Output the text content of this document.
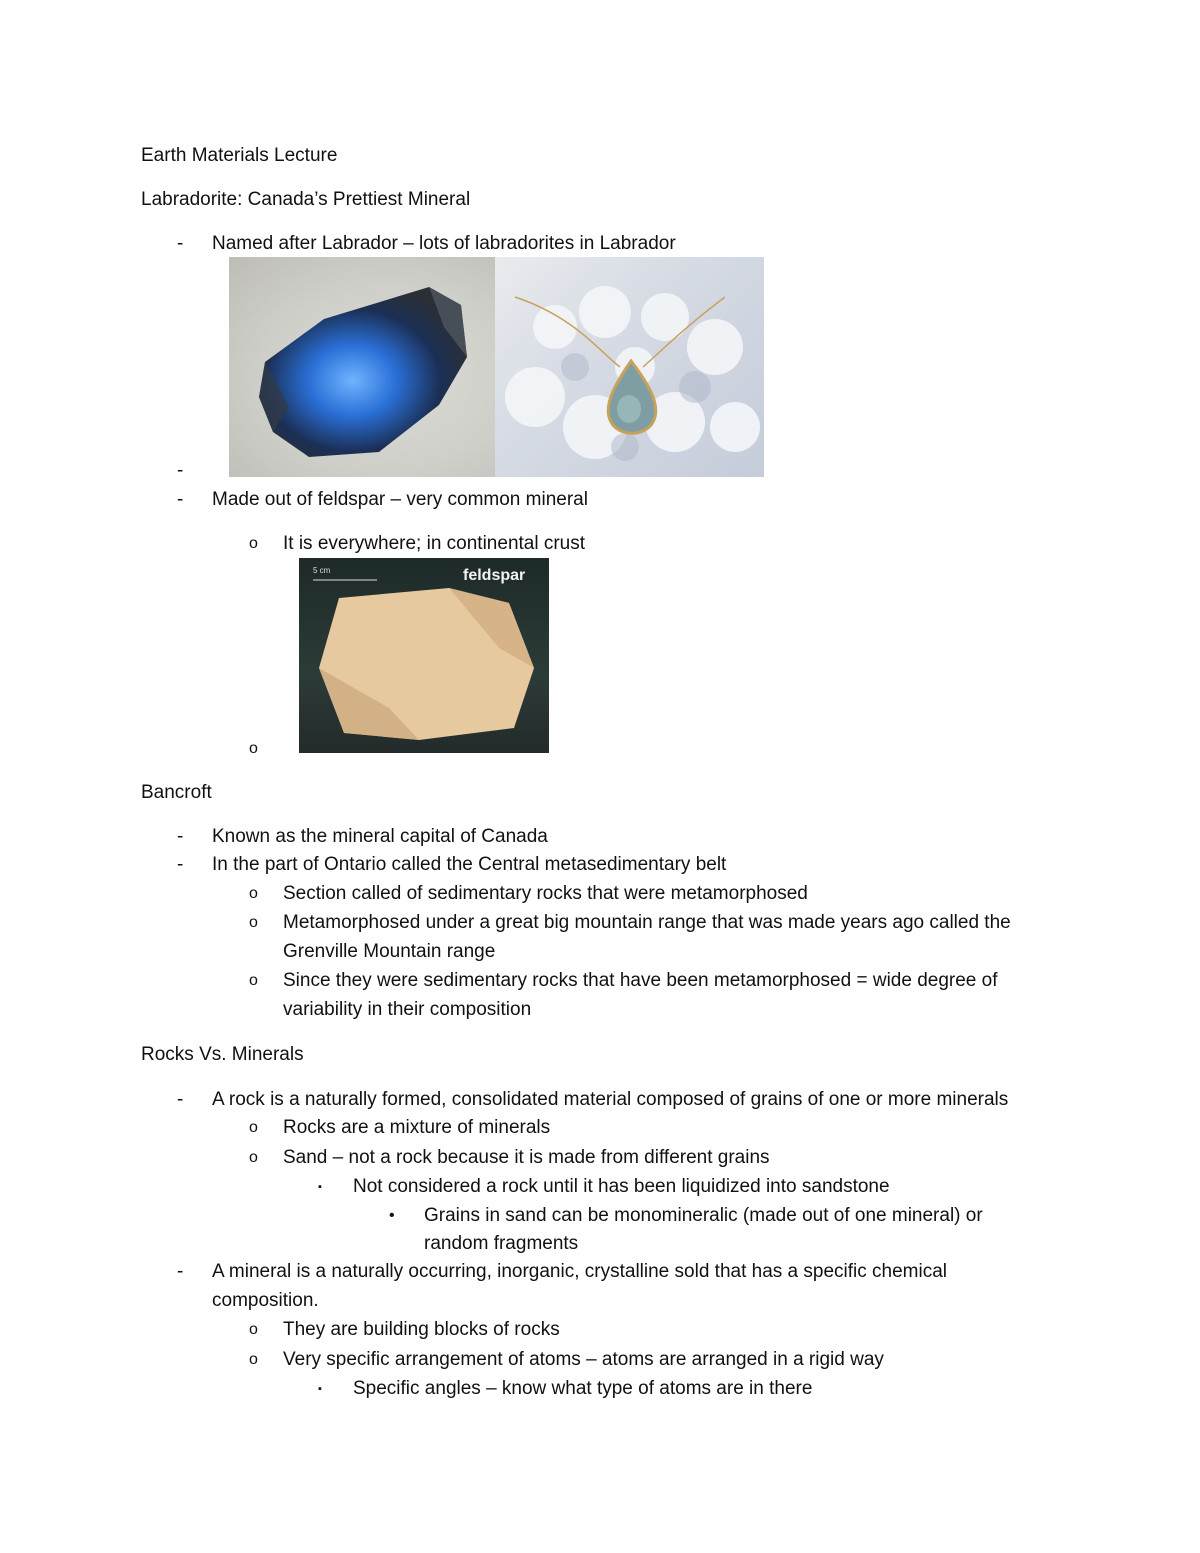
Earth Materials Lecture
Labradorite: Canada’s Prettiest Mineral
- Named after Labrador – lots of labradorites in Labrador
-
- Made out of feldspar – very common mineral
o It is everywhere; in continental crust
5 cm	feldspar
o
Bancroft
- Known as the mineral capital of Canada
- In the part of Ontario called the Central metasedimentary belt
o Section called of sedimentary rocks that were metamorphosed
o Metamorphosed under a great big mountain range that was made years ago called the
Grenville Mountain range
o Since they were sedimentary rocks that have been metamorphosed = wide degree of
variability in their composition
Rocks Vs. Minerals
- A rock is a naturally formed, consolidated material composed of grains of one or more minerals
o Rocks are a mixture of minerals
o Sand – not a rock because it is made from different grains
▪ Not considered a rock until it has been liquidized into sandstone
• Grains in sand can be monomineralic (made out of one mineral) or
random fragments
- A mineral is a naturally occurring, inorganic, crystalline sold that has a specific chemical
composition.
o They are building blocks of rocks
o Very specific arrangement of atoms – atoms are arranged in a rigid way
▪ Specific angles – know what type of atoms are in there
